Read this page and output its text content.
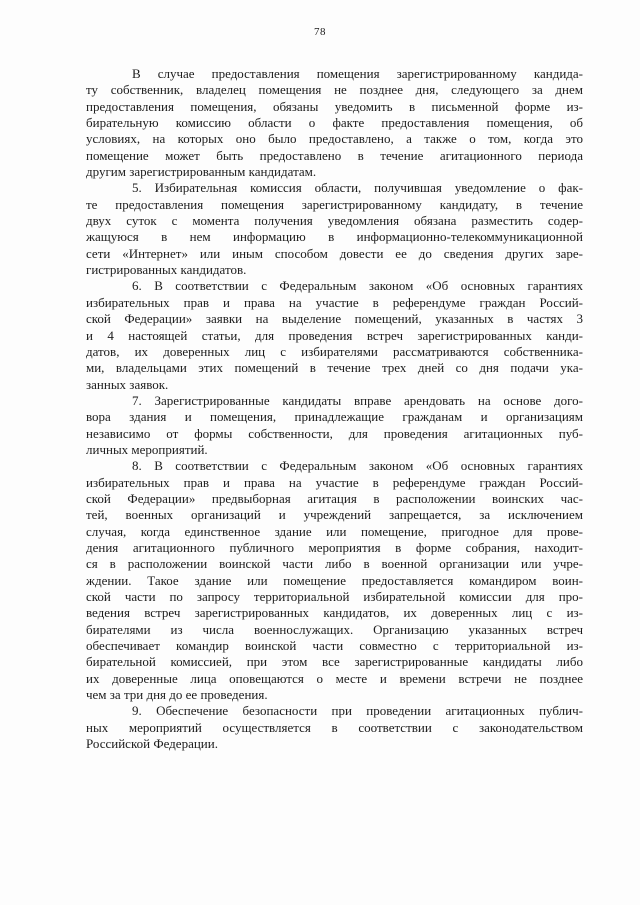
78
В случае предоставления помещения зарегистрированному кандида-
ту собственник, владелец помещения не позднее дня, следующего за днем
предоставления помещения, обязаны уведомить в письменной форме из-
бирательную комиссию области о факте предоставления помещения, об
условиях, на которых оно было предоставлено, а также о том, когда это
помещение может быть предоставлено в течение агитационного периода
другим зарегистрированным кандидатам.
5. Избирательная комиссия области, получившая уведомление о фак-
те предоставления помещения зарегистрированному кандидату, в течение
двух суток с момента получения уведомления обязана разместить содер-
жащуюся в нем информацию в информационно-телекоммуникационной
сети «Интернет» или иным способом довести ее до сведения других заре-
гистрированных кандидатов.
6. В соответствии с Федеральным законом «Об основных гарантиях
избирательных прав и права на участие в референдуме граждан Россий-
ской Федерации» заявки на выделение помещений, указанных в частях 3
и 4 настоящей статьи, для проведения встреч зарегистрированных канди-
датов, их доверенных лиц с избирателями рассматриваются собственника-
ми, владельцами этих помещений в течение трех дней со дня подачи ука-
занных заявок.
7. Зарегистрированные кандидаты вправе арендовать на основе дого-
вора здания и помещения, принадлежащие гражданам и организациям
независимо от формы собственности, для проведения агитационных пуб-
личных мероприятий.
8. В соответствии с Федеральным законом «Об основных гарантиях
избирательных прав и права на участие в референдуме граждан Россий-
ской Федерации» предвыборная агитация в расположении воинских час-
тей, военных организаций и учреждений запрещается, за исключением
случая, когда единственное здание или помещение, пригодное для прове-
дения агитационного публичного мероприятия в форме собрания, находит-
ся в расположении воинской части либо в военной организации или учре-
ждении. Такое здание или помещение предоставляется командиром воин-
ской части по запросу территориальной избирательной комиссии для про-
ведения встреч зарегистрированных кандидатов, их доверенных лиц с из-
бирателями из числа военнослужащих. Организацию указанных встреч
обеспечивает командир воинской части совместно с территориальной из-
бирательной комиссией, при этом все зарегистрированные кандидаты либо
их доверенные лица оповещаются о месте и времени встречи не позднее
чем за три дня до ее проведения.
9. Обеспечение безопасности при проведении агитационных публич-
ных мероприятий осуществляется в соответствии с законодательством
Российской Федерации.
